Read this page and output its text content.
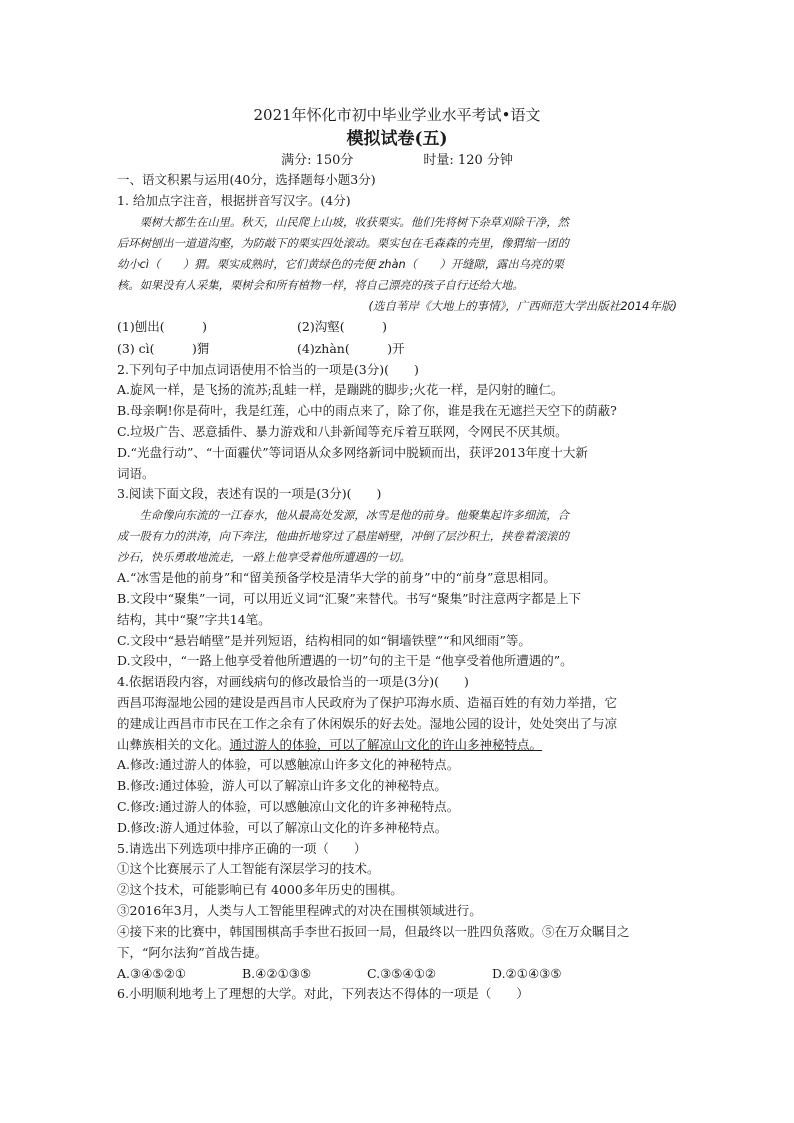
2021年怀化市初中毕业学业水平考试•语文

模拟试卷(五)

满分: 150分	时量: 120 分钟

一、语文积累与运用(40分，选择题每小题3分)

1. 给加点字注音，根据拼音写汉字。(4分)

栗树大都生在山里。秋天，山民爬上山坡，收获栗实。他们先将树下杂草刈除干净，然

后环树刨出一道道沟壑，为防敲下的栗实四处滚动。栗实包在毛森森的壳里，像猬缩一团的

幼小cì（　　）猬。栗实成熟时，它们黄绿色的壳便 zhàn（　　）开缝隙，露出乌亮的栗

核。如果没有人采集，栗树会和所有植物一样，将自己漂亮的孩子自行还给大地。

(选自苇岸《大地上的事情》，广西师范大学出版社2014年版)

(1)刨出(　　　)	(2)沟壑(　　　)
(3) cì(　　　)猬	(4)zhàn(　　　)开

2.下列句子中加点词语使用不恰当的一项是(3分)(　　)

A.旋风一样，是飞扬的流苏;乱蛙一样，是蹦跳的脚步;火花一样，是闪射的瞳仁。

B.母亲啊!你是荷叶，我是红莲，心中的雨点来了，除了你，谁是我在无遮拦天空下的荫蔽?

C.垃圾广告、恶意插件、暴力游戏和八卦新闻等充斥着互联网，令网民不厌其烦。

D.“光盘行动”、“十面霾伏”等词语从众多网络新词中脱颖而出，获评2013年度十大新

词语。

3.阅读下面文段，表述有误的一项是(3分)(　　)

生命像向东流的一江春水，他从最高处发源，冰雪是他的前身。他聚集起许多细流，合

成一股有力的洪涛，向下奔注，他曲折地穿过了悬崖峭壁，冲倒了层沙积土，挟卷着滚滚的

沙石，快乐勇敢地流走，一路上他享受着他所遭遇的一切。

A.“冰雪是他的前身”和“留美预备学校是清华大学的前身”中的“前身”意思相同。

B.文段中“聚集”一词，可以用近义词“汇聚”来替代。书写“聚集”时注意两字都是上下

结构，其中“聚”字共14笔。

C.文段中“悬岩峭壁”是并列短语，结构相同的如“铜墙铁壁”“和风细雨”等。

D.文段中，“一路上他享受着他所遭遇的一切”句的主干是 “他享受着他所遭遇的”。

4.依据语段内容，对画线病句的修改最恰当的一项是(3分)(　　)

西昌邛海湿地公园的建设是西昌市人民政府为了保护邛海水质、造福百姓的有効力举措，它

的建成让西昌市市民在工作之余有了休闲娱乐的好去处。湿地公园的设计，处处突出了与凉

山彝族相关的文化。通过游人的体验，可以了解凉山文化的许山多神秘特点。

A.修改:通过游人的体验，可以感触凉山许多文化的神秘特点。

B.修改:通过体验，游人可以了解凉山许多文化的神秘特点。

C.修改:通过游人的体验，可以感触凉山文化的许多神秘特点。

D.修改:游人通过体验，可以了解凉山文化的许多神秘特点。

5.请选出下列选项中排序正确的一项（　　）

①这个比赛展示了人工智能有深层学习的技术。

②这个技术，可能影响已有 4000多年历史的围棋。

③2016年3月，人类与人工智能里程碑式的对决在围棋领域进行。

④接下来的比赛中，韩国围棋高手李世石扳回一局，但最终以一胜四负落败。⑤在万众瞩目之

下，“阿尔法狗”首战告捷。

A.③④⑤②①	B.④②①③⑤	C.③⑤④①②	D.②①④③⑤

6.小明顺利地考上了理想的大学。对此，下列表达不得体的一项是（　　）
